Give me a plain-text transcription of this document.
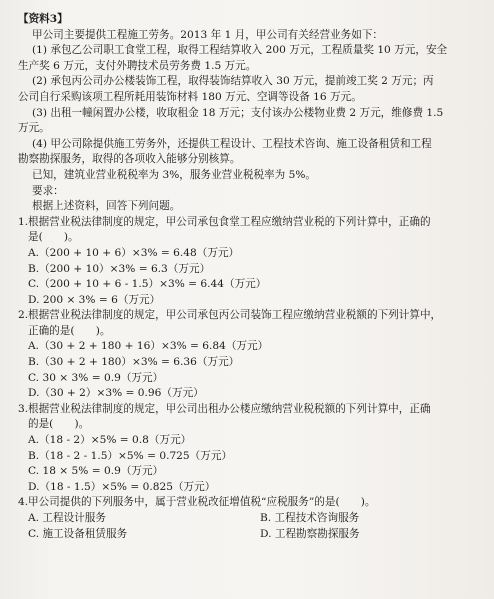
【资料3】

甲公司主要提供工程施工劳务。2013 年 1 月，甲公司有关经营业务如下：

(1) 承包乙公司职工食堂工程，取得工程结算收入 200 万元，工程质量奖 10 万元，安全

生产奖 6 万元，支付外聘技术员劳务费 1.5 万元。

(2) 承包丙公司办公楼装饰工程，取得装饰结算收入 30 万元，提前竣工奖 2 万元；丙

公司自行采购该项工程所耗用装饰材料 180 万元、空调等设备 16 万元。

(3) 出租一幢闲置办公楼，收取租金 18 万元；支付该办公楼物业费 2 万元，维修费 1.5

万元。

(4) 甲公司除提供施工劳务外，还提供工程设计、工程技术咨询、施工设备租赁和工程

勘察勘探服务，取得的各项收入能够分别核算。

已知，建筑业营业税税率为 3%，服务业营业税税率为 5%。

要求：

根据上述资料，回答下列问题。

1.根据营业税法律制度的规定，甲公司承包食堂工程应缴纳营业税的下列计算中，正确的

是(　　)。

A.（200 + 10 + 6）×3% = 6.48（万元）

B.（200 + 10）×3% = 6.3（万元）

C.（200 + 10 + 6 - 1.5）×3% = 6.44（万元）

D. 200 × 3% = 6（万元）

2.根据营业税法律制度的规定，甲公司承包丙公司装饰工程应缴纳营业税额的下列计算中，

正确的是(　　)。

A.（30 + 2 + 180 + 16）×3% = 6.84（万元）

B.（30 + 2 + 180）×3% = 6.36（万元）

C. 30 × 3% = 0.9（万元）

D.（30 + 2）×3% = 0.96（万元）

3.根据营业税法律制度的规定，甲公司出租办公楼应缴纳营业税税额的下列计算中，正确

的是(　　)。

A.（18 - 2）×5% = 0.8（万元）

B.（18 - 2 - 1.5）×5% = 0.725（万元）

C. 18 × 5% = 0.9（万元）

D.（18 - 1.5）×5% = 0.825（万元）

4.甲公司提供的下列服务中，属于营业税改征增值税“应税服务”的是(　　)。

A. 工程设计服务	B. 工程技术咨询服务
C. 施工设备租赁服务	D. 工程勘察勘探服务
